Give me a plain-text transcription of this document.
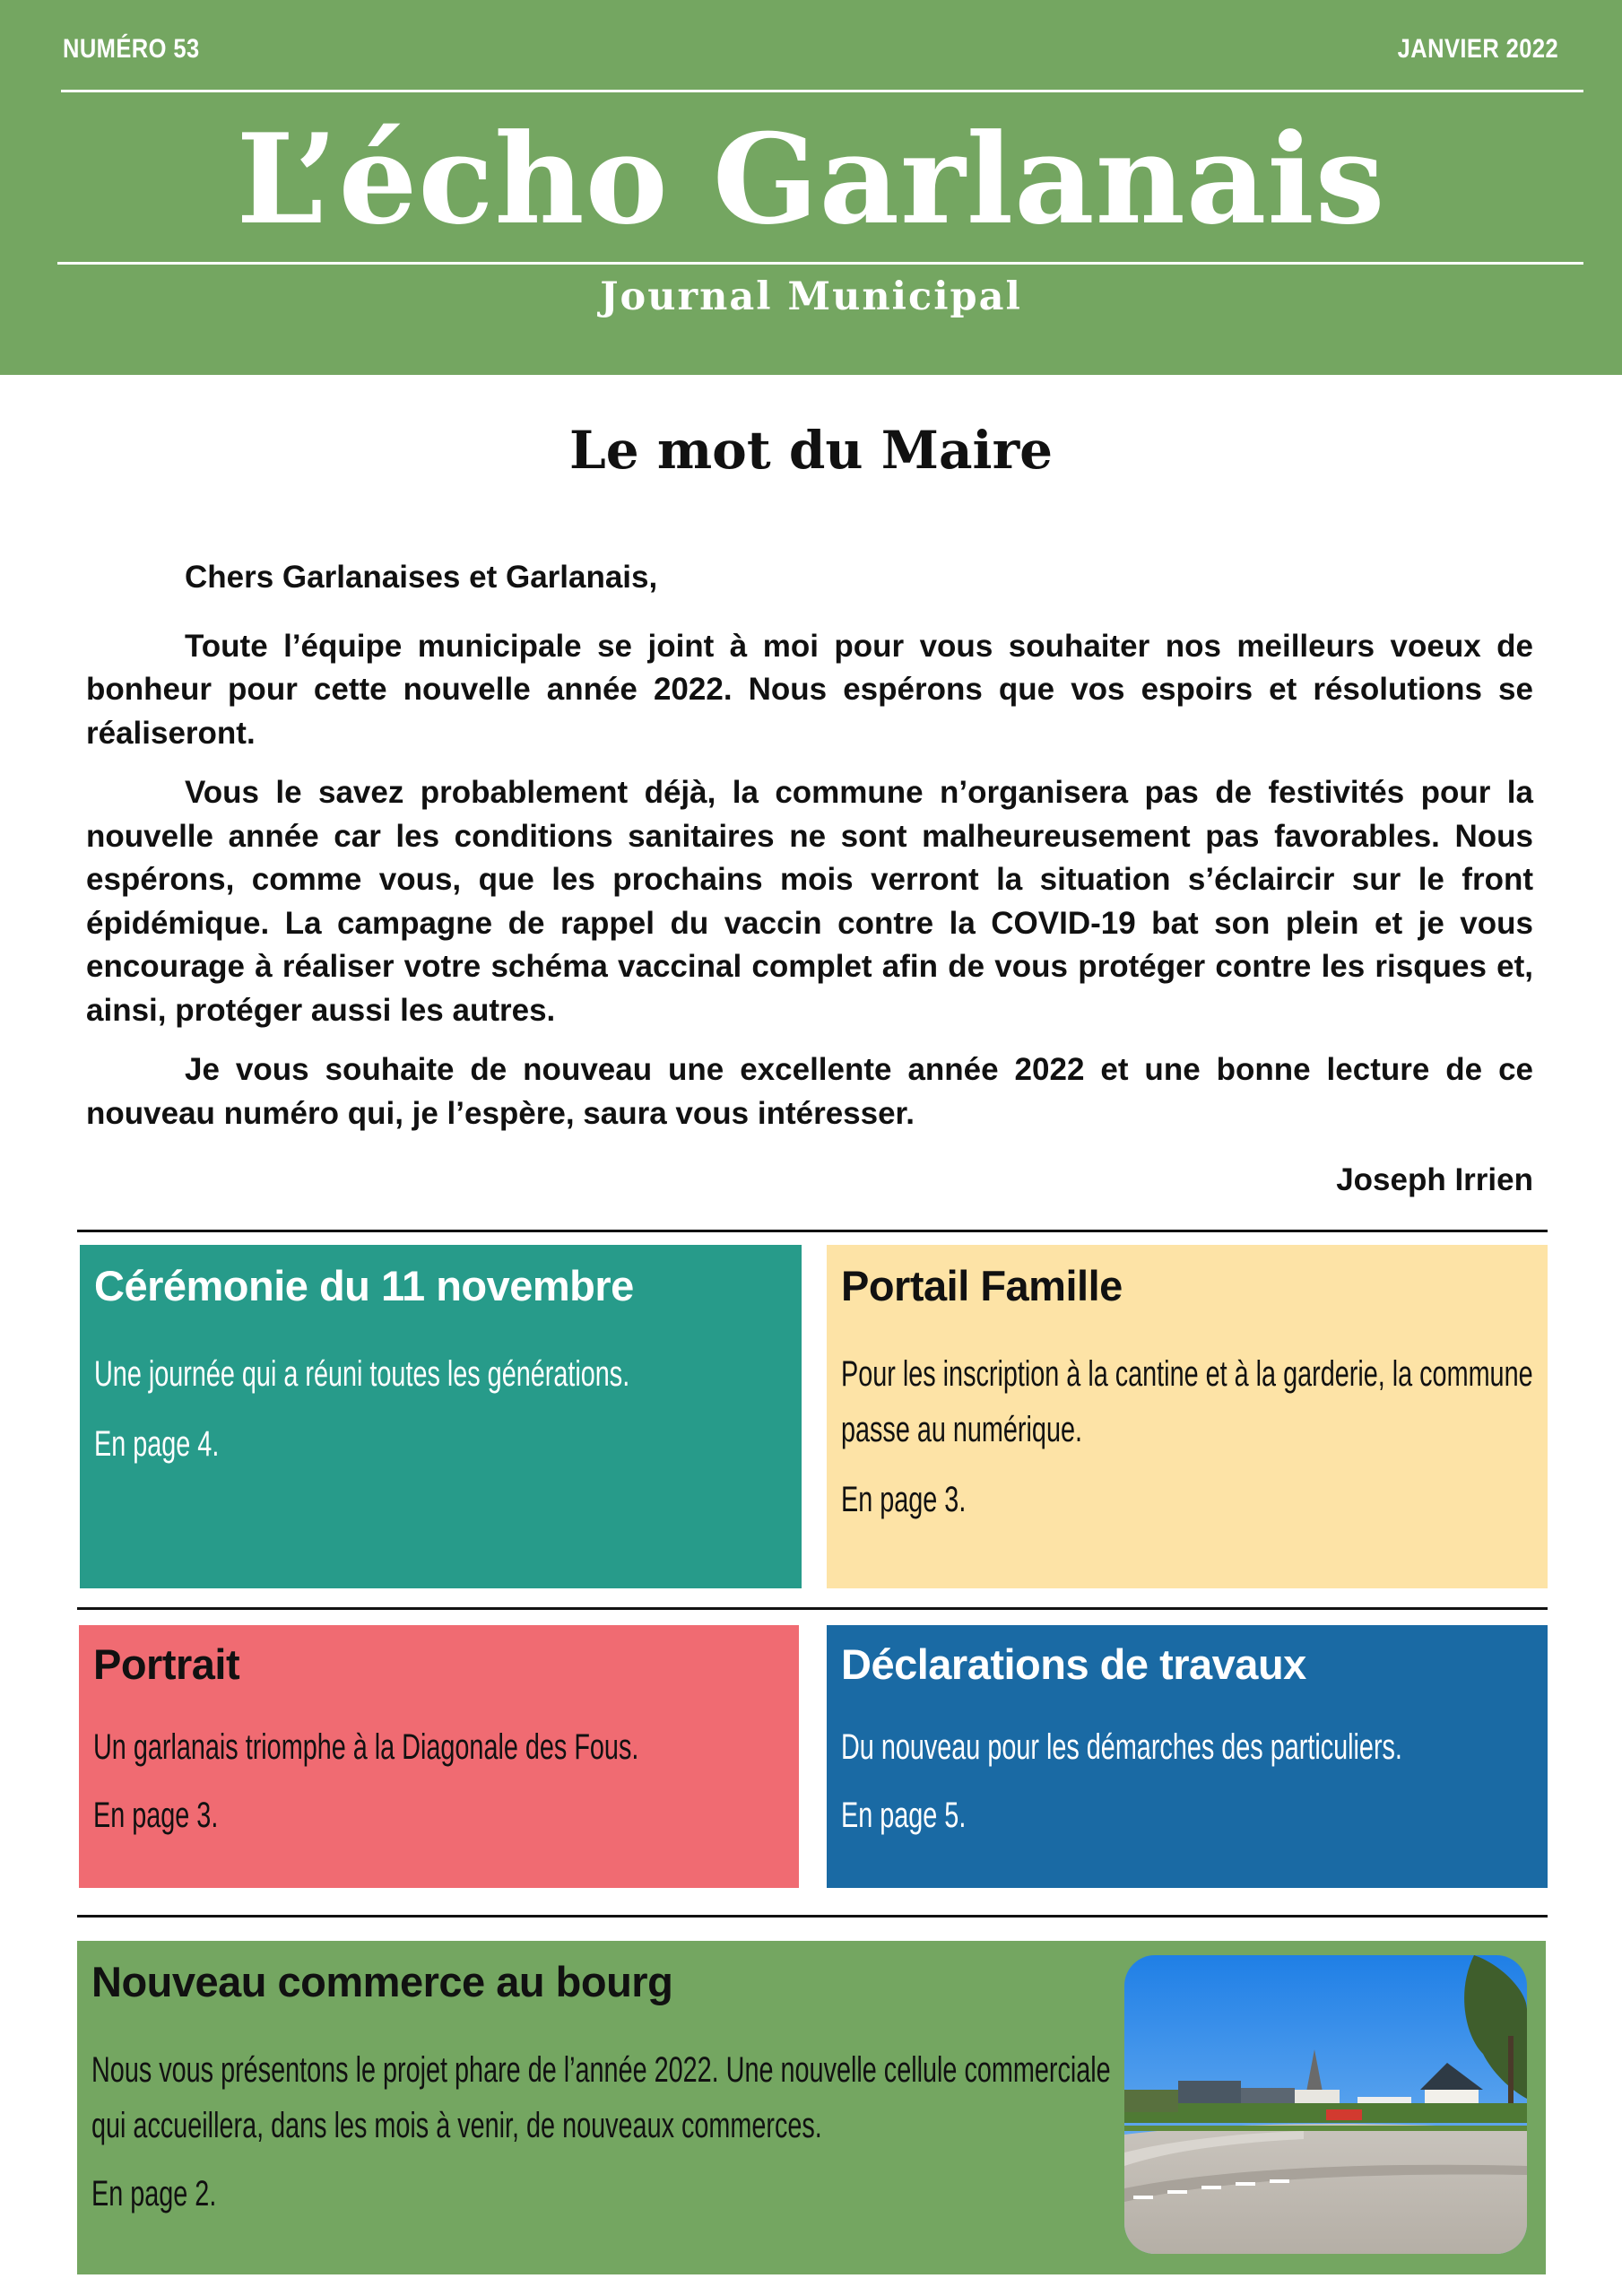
NUMÉRO 53	JANVIER 2022
L’écho Garlanais
Journal Municipal
Le mot du Maire

Chers Garlanaises et Garlanais,

Toute l’équipe municipale se joint à moi pour vous souhaiter nos meilleurs voeux de bonheur pour cette nouvelle année 2022. Nous espérons que vos espoirs et résolutions se réaliseront.

Vous le savez probablement déjà, la commune n’organisera pas de festivités pour la nouvelle année car les conditions sanitaires ne sont malheureusement pas favorables. Nous espérons, comme vous, que les prochains mois verront la situation s’éclaircir sur le front épidémique. La campagne de rappel du vaccin contre la COVID-19 bat son plein et je vous encourage à réaliser votre schéma vaccinal complet afin de vous protéger contre les risques et, ainsi, protéger aussi les autres.

Je vous souhaite de nouveau une excellente année 2022 et une bonne lecture de ce nouveau numéro qui, je l’espère, saura vous intéresser.

Joseph Irrien
Cérémonie du 11 novembre

Une journée qui a réuni toutes les générations.

En page 4.

Portail Famille

Pour les inscription à la cantine et à la garderie, la commune

passe au numérique.

En page 3.

Portrait

Un garlanais triomphe à la Diagonale des Fous.

En page 3.

Déclarations de travaux

Du nouveau pour les démarches des particuliers.

En page 5.

Nouveau commerce au bourg

Nous vous présentons le projet phare de l’année 2022. Une nouvelle cellule commerciale

qui accueillera, dans les mois à venir, de nouveaux commerces.

En page 2.
